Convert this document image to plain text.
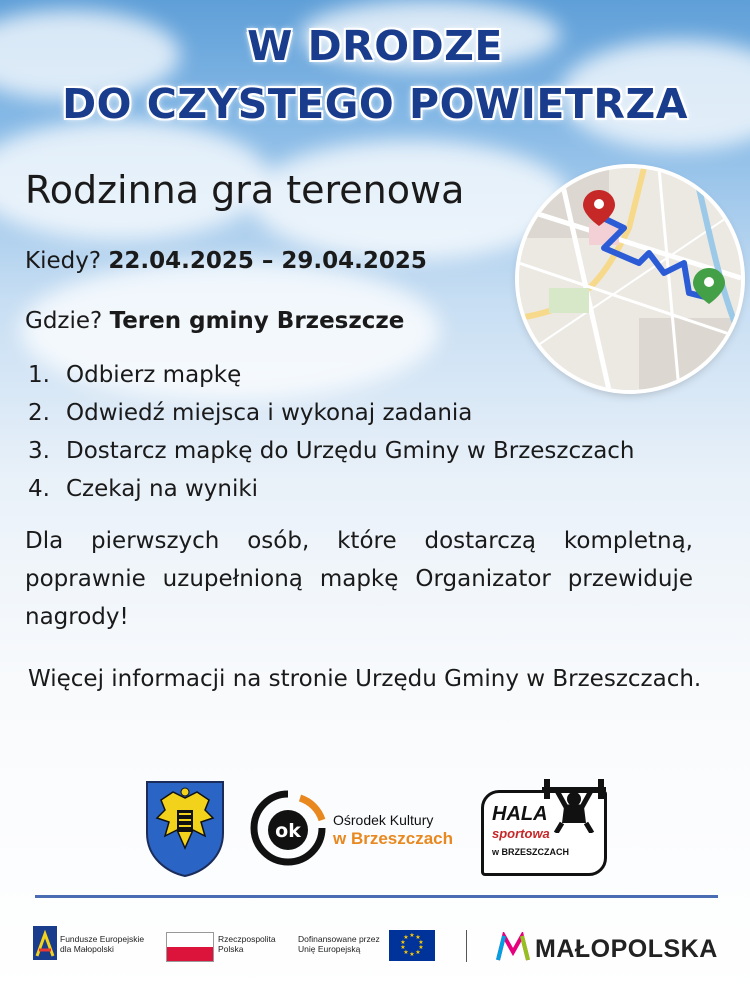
W DRODZE
DO CZYSTEGO POWIETRZA
Rodzinna gra terenowa
Kiedy? 22.04.2025 – 29.04.2025
Gdzie? Teren gminy Brzeszcze
1. Odbierz mapkę
2. Odwiedź miejsca i wykonaj zadania
3. Dostarcz mapkę do Urzędu Gminy w Brzeszczach
4. Czekaj na wyniki
Dla pierwszych osób, które dostarczą kompletną, poprawnie uzupełnioną mapkę Organizator przewiduje nagrody!
Więcej informacji na stronie Urzędu Gminy w Brzeszczach.
ok Ośrodek Kultury
w Brzeszczach
HALA
sportowa
w BRZESZCZACH
Fundusze Europejskie
dla Małopolski
Rzeczpospolita
Polska
Dofinansowane przez
Unię Europejską
★ ★
★
★
★
★
★
★
★
★	MAŁOPOLSKA
